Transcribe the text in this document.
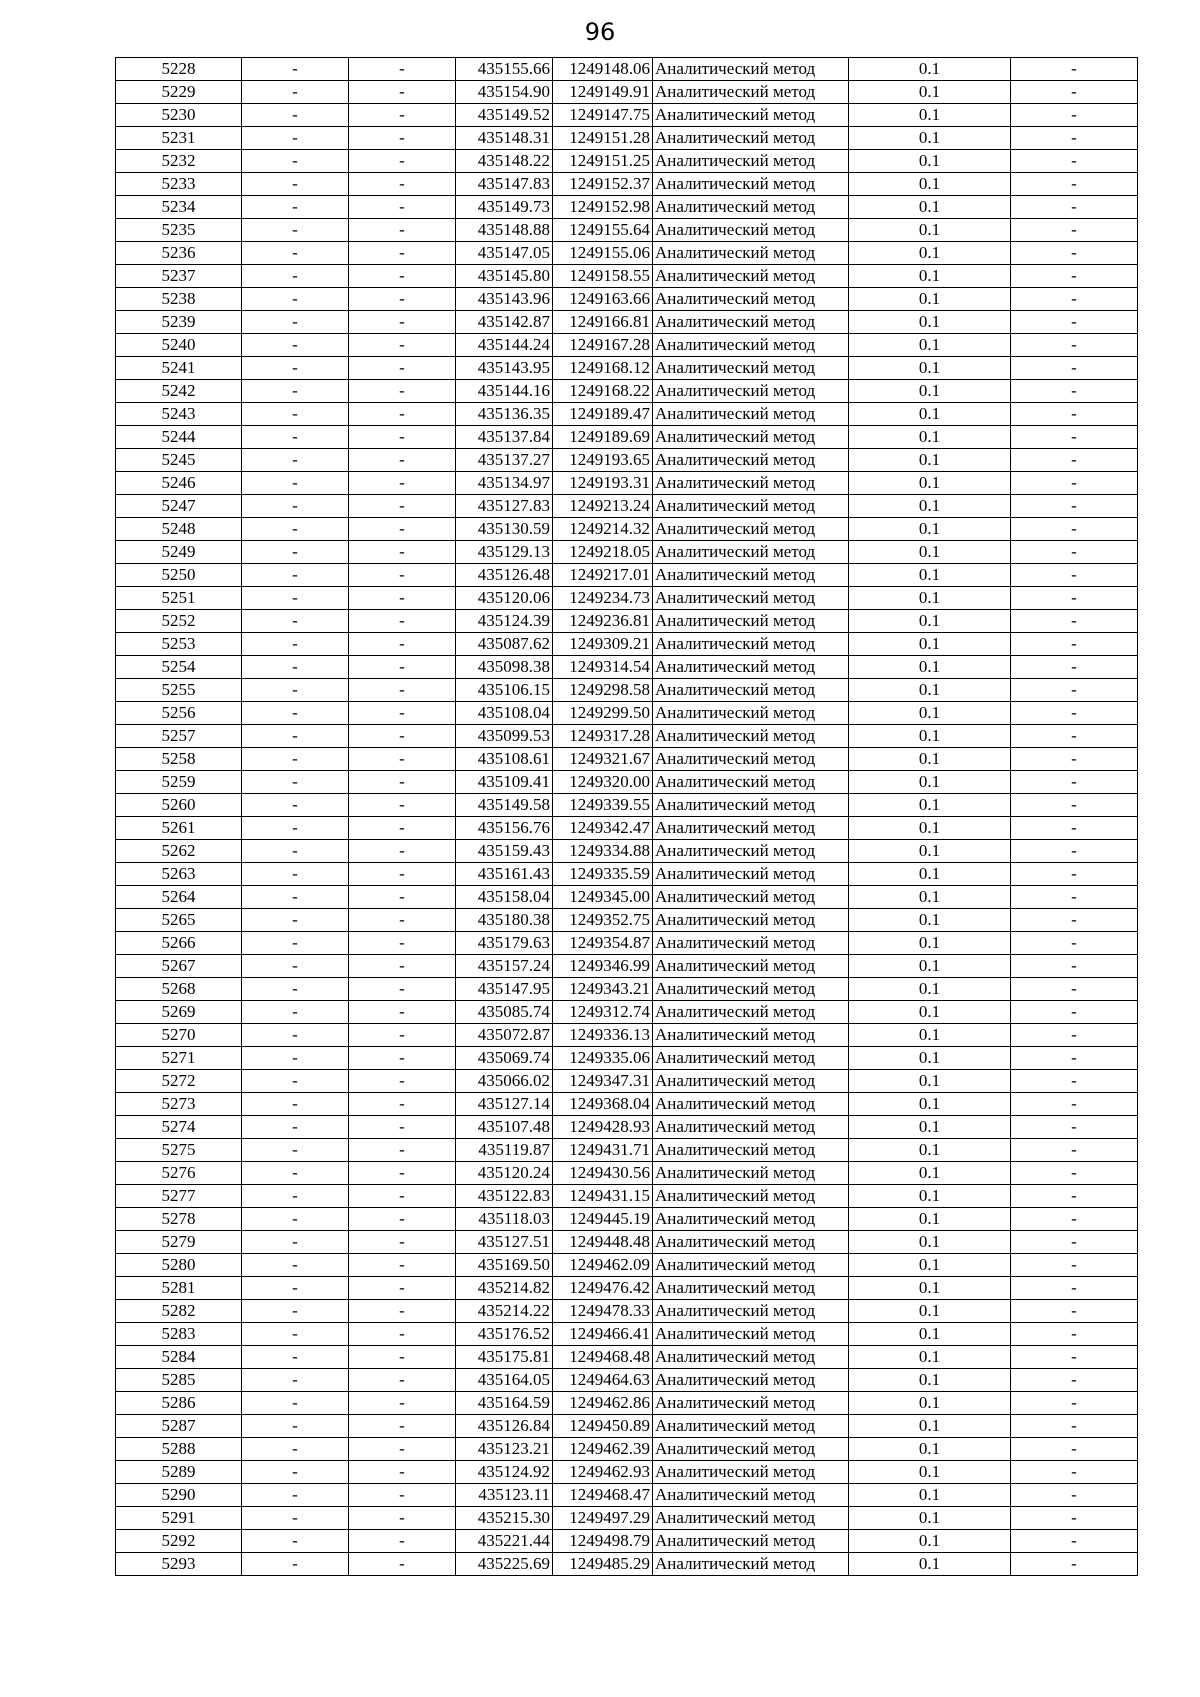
96
5228	-	-	435155.66	1249148.06	Аналитический метод	0.1	-
5229	-	-	435154.90	1249149.91	Аналитический метод	0.1	-
5230	-	-	435149.52	1249147.75	Аналитический метод	0.1	-
5231	-	-	435148.31	1249151.28	Аналитический метод	0.1	-
5232	-	-	435148.22	1249151.25	Аналитический метод	0.1	-
5233	-	-	435147.83	1249152.37	Аналитический метод	0.1	-
5234	-	-	435149.73	1249152.98	Аналитический метод	0.1	-
5235	-	-	435148.88	1249155.64	Аналитический метод	0.1	-
5236	-	-	435147.05	1249155.06	Аналитический метод	0.1	-
5237	-	-	435145.80	1249158.55	Аналитический метод	0.1	-
5238	-	-	435143.96	1249163.66	Аналитический метод	0.1	-
5239	-	-	435142.87	1249166.81	Аналитический метод	0.1	-
5240	-	-	435144.24	1249167.28	Аналитический метод	0.1	-
5241	-	-	435143.95	1249168.12	Аналитический метод	0.1	-
5242	-	-	435144.16	1249168.22	Аналитический метод	0.1	-
5243	-	-	435136.35	1249189.47	Аналитический метод	0.1	-
5244	-	-	435137.84	1249189.69	Аналитический метод	0.1	-
5245	-	-	435137.27	1249193.65	Аналитический метод	0.1	-
5246	-	-	435134.97	1249193.31	Аналитический метод	0.1	-
5247	-	-	435127.83	1249213.24	Аналитический метод	0.1	-
5248	-	-	435130.59	1249214.32	Аналитический метод	0.1	-
5249	-	-	435129.13	1249218.05	Аналитический метод	0.1	-
5250	-	-	435126.48	1249217.01	Аналитический метод	0.1	-
5251	-	-	435120.06	1249234.73	Аналитический метод	0.1	-
5252	-	-	435124.39	1249236.81	Аналитический метод	0.1	-
5253	-	-	435087.62	1249309.21	Аналитический метод	0.1	-
5254	-	-	435098.38	1249314.54	Аналитический метод	0.1	-
5255	-	-	435106.15	1249298.58	Аналитический метод	0.1	-
5256	-	-	435108.04	1249299.50	Аналитический метод	0.1	-
5257	-	-	435099.53	1249317.28	Аналитический метод	0.1	-
5258	-	-	435108.61	1249321.67	Аналитический метод	0.1	-
5259	-	-	435109.41	1249320.00	Аналитический метод	0.1	-
5260	-	-	435149.58	1249339.55	Аналитический метод	0.1	-
5261	-	-	435156.76	1249342.47	Аналитический метод	0.1	-
5262	-	-	435159.43	1249334.88	Аналитический метод	0.1	-
5263	-	-	435161.43	1249335.59	Аналитический метод	0.1	-
5264	-	-	435158.04	1249345.00	Аналитический метод	0.1	-
5265	-	-	435180.38	1249352.75	Аналитический метод	0.1	-
5266	-	-	435179.63	1249354.87	Аналитический метод	0.1	-
5267	-	-	435157.24	1249346.99	Аналитический метод	0.1	-
5268	-	-	435147.95	1249343.21	Аналитический метод	0.1	-
5269	-	-	435085.74	1249312.74	Аналитический метод	0.1	-
5270	-	-	435072.87	1249336.13	Аналитический метод	0.1	-
5271	-	-	435069.74	1249335.06	Аналитический метод	0.1	-
5272	-	-	435066.02	1249347.31	Аналитический метод	0.1	-
5273	-	-	435127.14	1249368.04	Аналитический метод	0.1	-
5274	-	-	435107.48	1249428.93	Аналитический метод	0.1	-
5275	-	-	435119.87	1249431.71	Аналитический метод	0.1	-
5276	-	-	435120.24	1249430.56	Аналитический метод	0.1	-
5277	-	-	435122.83	1249431.15	Аналитический метод	0.1	-
5278	-	-	435118.03	1249445.19	Аналитический метод	0.1	-
5279	-	-	435127.51	1249448.48	Аналитический метод	0.1	-
5280	-	-	435169.50	1249462.09	Аналитический метод	0.1	-
5281	-	-	435214.82	1249476.42	Аналитический метод	0.1	-
5282	-	-	435214.22	1249478.33	Аналитический метод	0.1	-
5283	-	-	435176.52	1249466.41	Аналитический метод	0.1	-
5284	-	-	435175.81	1249468.48	Аналитический метод	0.1	-
5285	-	-	435164.05	1249464.63	Аналитический метод	0.1	-
5286	-	-	435164.59	1249462.86	Аналитический метод	0.1	-
5287	-	-	435126.84	1249450.89	Аналитический метод	0.1	-
5288	-	-	435123.21	1249462.39	Аналитический метод	0.1	-
5289	-	-	435124.92	1249462.93	Аналитический метод	0.1	-
5290	-	-	435123.11	1249468.47	Аналитический метод	0.1	-
5291	-	-	435215.30	1249497.29	Аналитический метод	0.1	-
5292	-	-	435221.44	1249498.79	Аналитический метод	0.1	-
5293	-	-	435225.69	1249485.29	Аналитический метод	0.1	-
